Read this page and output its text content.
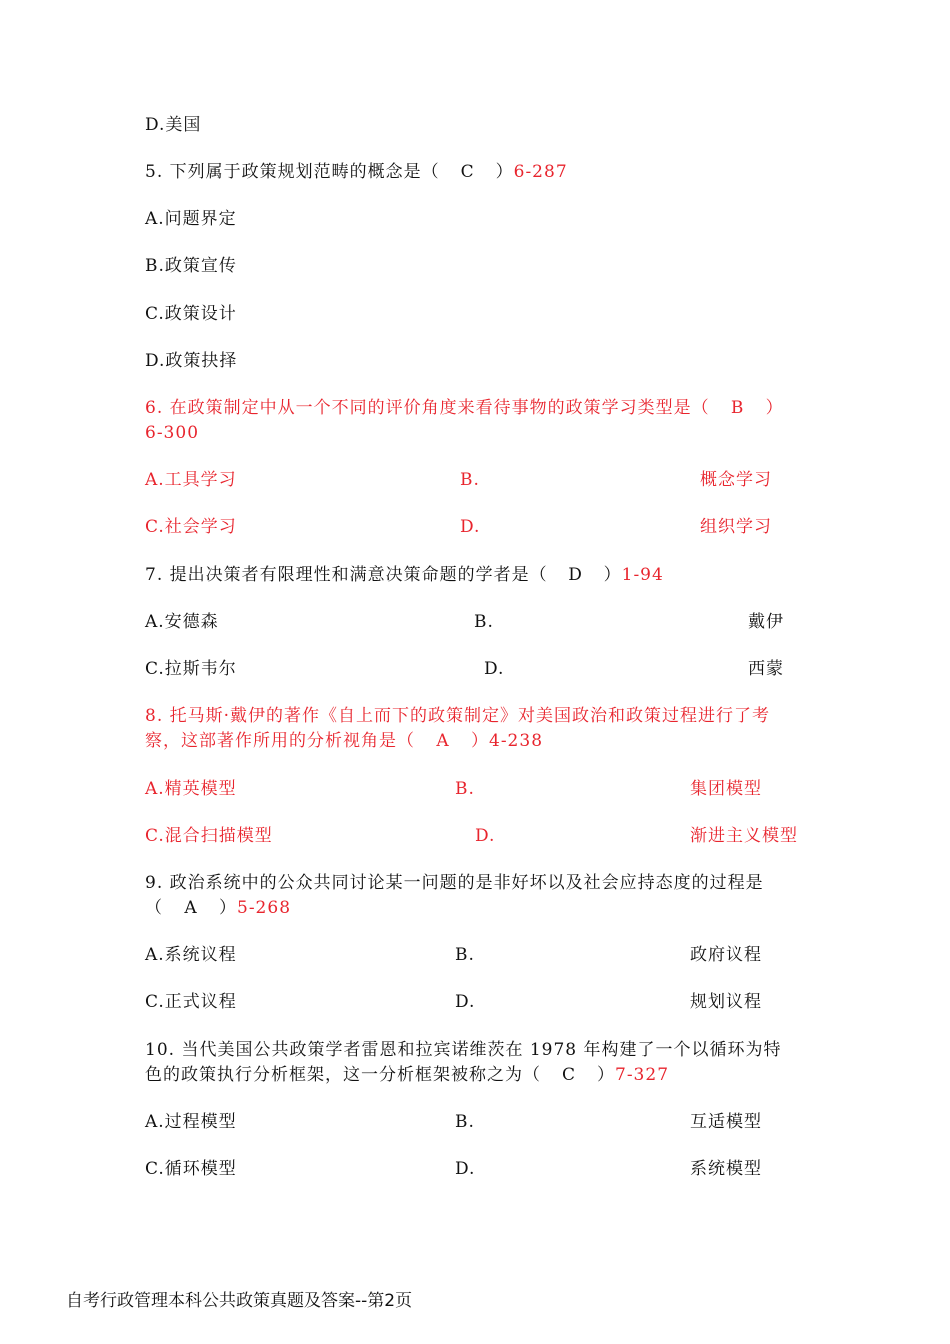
D.美国
5. 下列属于政策规划范畴的概念是（ C ）6-287
A.问题界定
B.政策宣传
C.政策设计
D.政策抉择
6. 在政策制定中从一个不同的评价角度来看待事物的政策学习类型是（ B ）
6-300
A.工具学习	B.	概念学习
C.社会学习	D.	组织学习
7. 提出决策者有限理性和满意决策命题的学者是（ D ）1-94
A.安德森	B.	戴伊
C.拉斯韦尔	D.	西蒙
8. 托马斯·戴伊的著作《自上而下的政策制定》对美国政治和政策过程进行了考
察，这部著作所用的分析视角是（ A ）4-238
A.精英模型	B.	集团模型
C.混合扫描模型	D.	渐进主义模型
9. 政治系统中的公众共同讨论某一问题的是非好坏以及社会应持态度的过程是
（ A ）5-268
A.系统议程	B.	政府议程
C.正式议程	D.	规划议程
10. 当代美国公共政策学者雷恩和拉宾诺维茨在 1978 年构建了一个以循环为特
色的政策执行分析框架，这一分析框架被称之为（ C ）7-327
A.过程模型	B.	互适模型
C.循环模型	D.	系统模型
自考行政管理本科公共政策真题及答案--第2页
